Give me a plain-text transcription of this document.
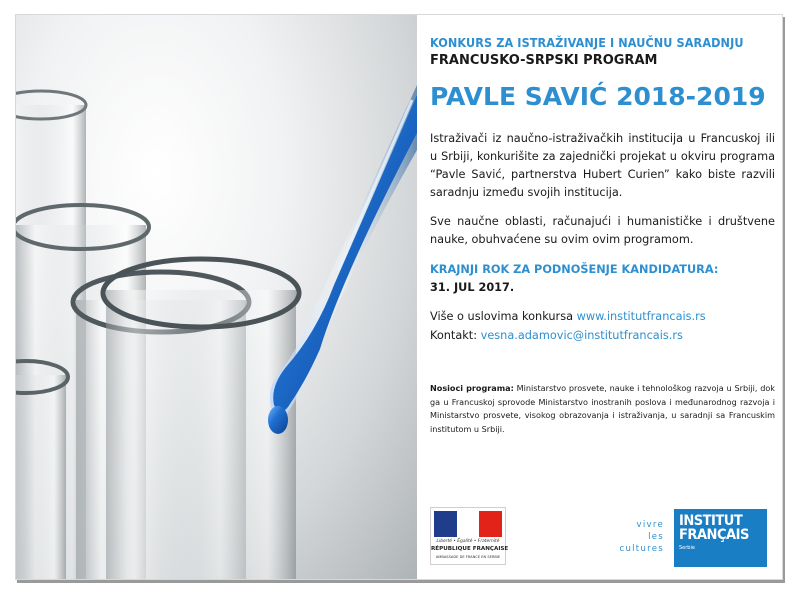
KONKURS ZA ISTRAŽIVANJE I NAUČNU SARADNJU
FRANCUSKO-SRPSKI PROGRAM
PAVLE SAVIĆ 2018-2019

Istraživači iz naučno-istraživačkih institucija u Francuskoj ili u Srbiji, konkurišite za zajednički projekat u okviru programa “Pavle Savić, partnerstva Hubert Curien” kako biste razvili saradnju između svojih institucija.

Sve naučne oblasti, računajući i humanističke i društvene nauke, obuhvaćene su ovim ovim programom.

KRAJNJI ROK ZA PODNOŠENJE KANDIDATURA:
31. JUL 2017.
Više o uslovima konkursa www.institutfrancais.rs
Kontakt: vesna.adamovic@institutfrancais.rs

Nosioci programa: Ministarstvo prosvete, nauke i tehnološkog razvoja u Srbiji, dok ga u Francuskoj sprovode Ministarstvo inostranih poslova i međunarodnog razvoja i Ministarstvo prosvete, visokog obrazovanja i istraživanja, u saradnji sa Francuskim institutom u Srbiji.

Liberté • Égalité • Fraternité
RÉPUBLIQUE FRANÇAISE
AMBASSADE DE FRANCE EN SERBIE
vivre
les
cultures
INSTITUT
FRANÇAIS
Serbie
